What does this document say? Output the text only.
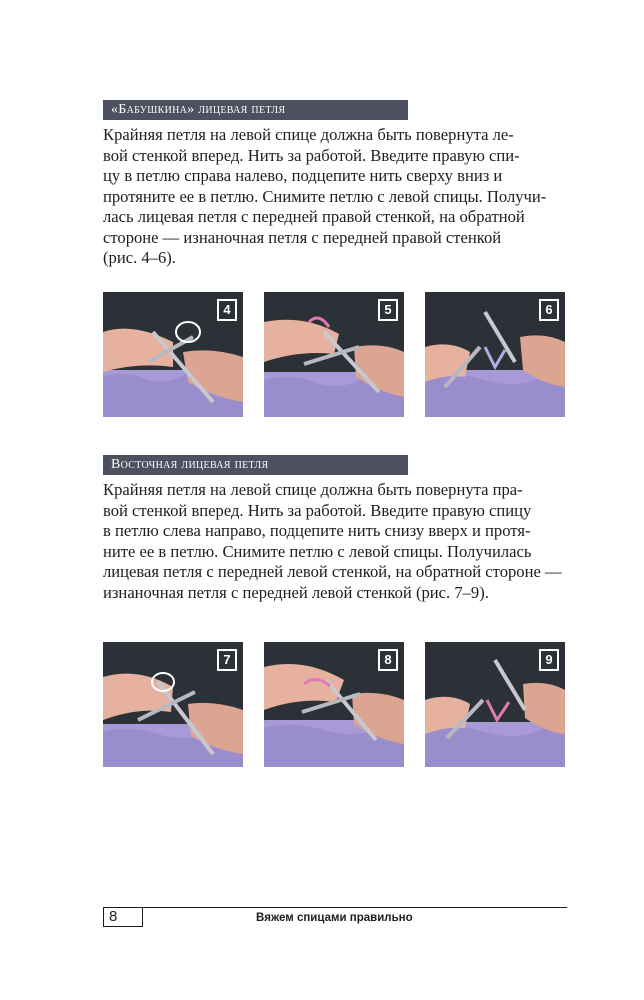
«Бабушкина» лицевая петля
Крайняя петля на левой спице должна быть повернута ле-
вой стенкой вперед. Нить за работой. Введите правую спи-
цу в петлю справа налево, подцепите нить сверху вниз и
протяните ее в петлю. Снимите петлю с левой спицы. Получи-
лась лицевая петля с передней правой стенкой, на обратной
стороне — изнаночная петля с передней правой стенкой
(рис. 4–6).
4	5	6
Восточная лицевая петля
Крайняя петля на левой спице должна быть повернута пра-
вой стенкой вперед. Нить за работой. Введите правую спицу
в петлю слева направо, подцепите нить снизу вверх и протя-
ните ее в петлю. Снимите петлю с левой спицы. Получилась
лицевая петля с передней левой стенкой, на обратной стороне —
изнаночная петля с передней левой стенкой (рис. 7–9).
7	8	9
8	Вяжем спицами правильно
